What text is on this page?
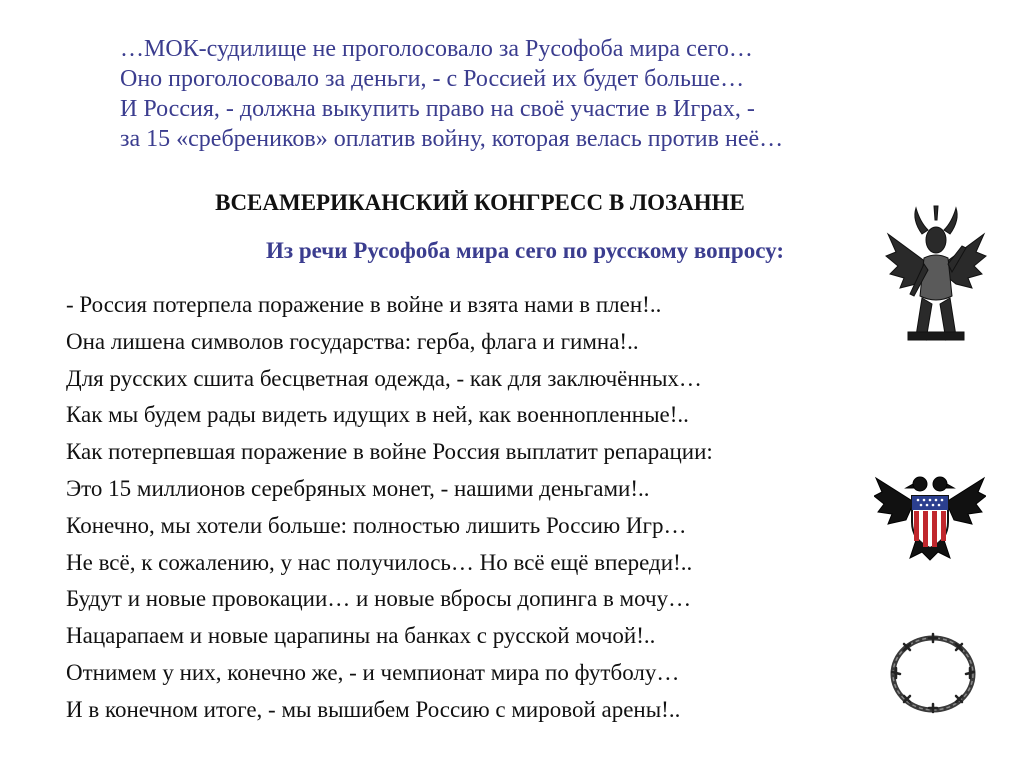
…МОК-судилище не проголосовало за Русофоба мира сего…
Оно проголосовало за деньги, - с Россией их будет больше…
И Россия, - должна выкупить право на своё участие в Играх, -
за 15 «сребреников» оплатив войну, которая велась против неё…
ВСЕАМЕРИКАНСКИЙ КОНГРЕСС В ЛОЗАННЕ
Из речи Русофоба мира сего по русскому вопросу:
- Россия потерпела поражение в войне и взята нами в плен!..
Она лишена символов государства: герба, флага и гимна!..
Для русских сшита бесцветная одежда, - как для заключённых…
Как мы будем рады видеть идущих в ней, как военнопленные!..
Как потерпевшая поражение в войне Россия выплатит репарации:
Это 15 миллионов серебряных монет, - нашими деньгами!..
Конечно, мы хотели больше: полностью лишить Россию Игр…
Не всё, к сожалению, у нас получилось… Но всё ещё впереди!..
Будут и новые провокации… и новые вбросы допинга в мочу…
Нацарапаем и новые царапины на банках с русской мочой!..
Отнимем у них, конечно же, - и чемпионат мира по футболу…
И в конечном итоге, - мы вышибем Россию с мировой арены!..
